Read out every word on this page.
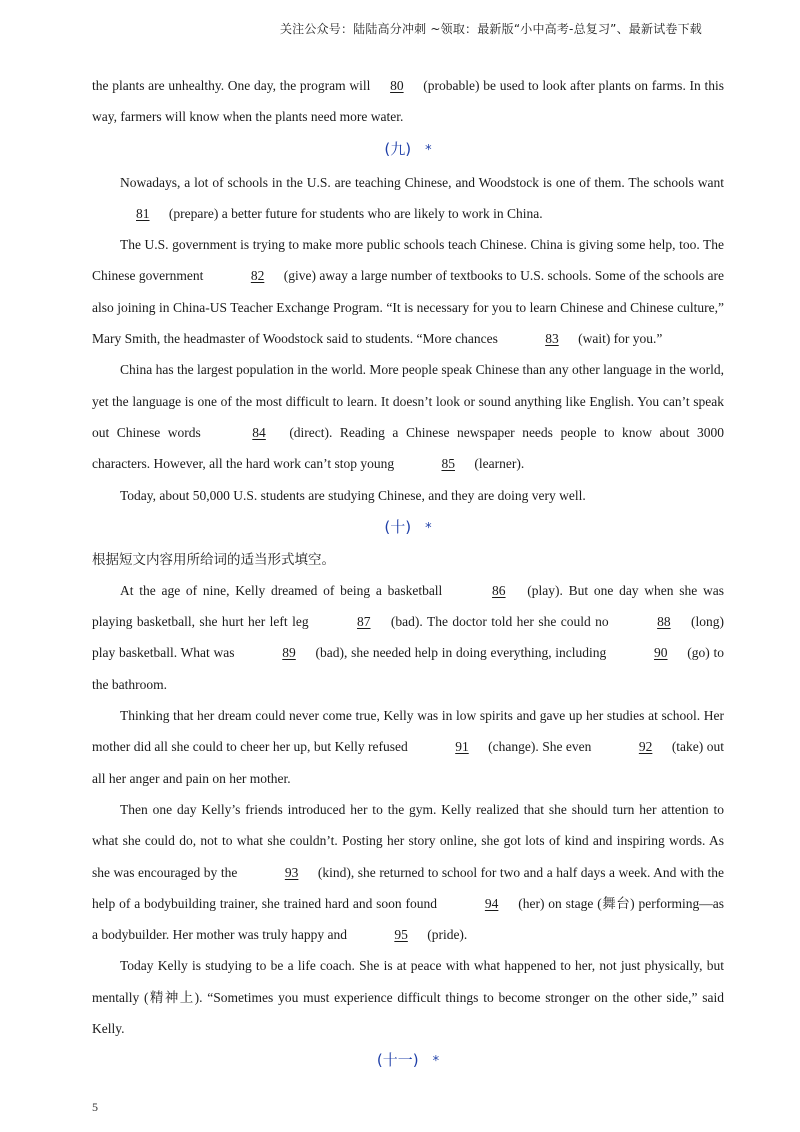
关注公众号：陆陆高分冲刺 ~领取：最新版“小中高考-总复习”、最新试卷下载

the plants are unhealthy. One day, the program will 80 (probable) be used to look after plants on farms. In this way, farmers will know when the plants need more water.

(九) *

Nowadays, a lot of schools in the U.S. are teaching Chinese, and Woodstock is one of them. The schools want 81 (prepare) a better future for students who are likely to work in China.

The U.S. government is trying to make more public schools teach Chinese. China is giving some help, too. The Chinese government	82 (give) away a large number of textbooks to U.S. schools. Some of the schools are also joining in China-US Teacher Exchange Program. “It is necessary for you to learn Chinese and Chinese culture,” Mary Smith, the headmaster of Woodstock said to students. “More chances	83 (wait) for you.”

China has the largest population in the world. More people speak Chinese than any other language in the world, yet the language is one of the most difficult to learn. It doesn’t look or sound anything like English. You can’t speak out Chinese words	84 (direct). Reading a Chinese newspaper needs people to know about 3000 characters. However, all the hard work can’t stop young	85 (learner).

Today, about 50,000 U.S. students are studying Chinese, and they are doing very well.

(十) *

根据短文内容用所给词的适当形式填空。

At the age of nine, Kelly dreamed of being a basketball	86 (play). But one day when she was playing basketball, she hurt her left leg	87 (bad). The doctor told her she could no	88 (long) play basketball. What was	89 (bad), she needed help in doing everything, including	90 (go) to the bathroom.

Thinking that her dream could never come true, Kelly was in low spirits and gave up her studies at school. Her mother did all she could to cheer her up, but Kelly refused	91 (change). She even	92 (take) out all her anger and pain on her mother.

Then one day Kelly’s friends introduced her to the gym. Kelly realized that she should turn her attention to what she could do, not to what she couldn’t. Posting her story online, she got lots of kind and inspiring words. As she was encouraged by the	93 (kind), she returned to school for two and a half days a week. And with the help of a bodybuilding trainer, she trained hard and soon found	94 (her) on stage (舞台) performing—as a bodybuilder. Her mother was truly happy and	95 (pride).

Today Kelly is studying to be a life coach. She is at peace with what happened to her, not just physically, but mentally (精神上). “Sometimes you must experience difficult things to become stronger on the other side,” said Kelly.

(十一) *
5
